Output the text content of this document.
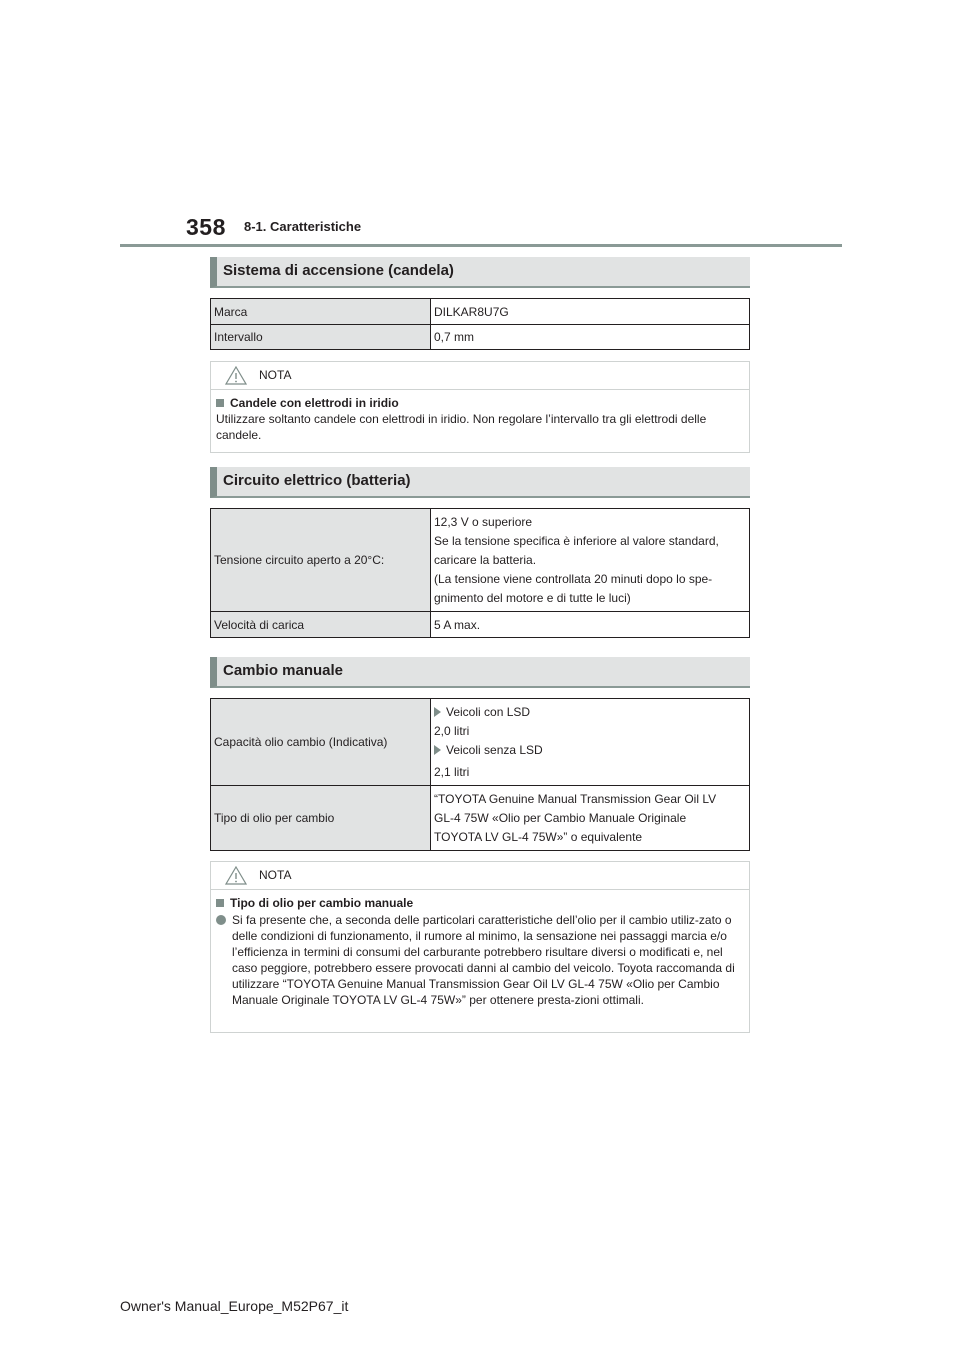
358 8-1. Caratteristiche
Sistema di accensione (candela)
Marca	DILKAR8U7G
Intervallo	0,7 mm
NOTA
Candele con elettrodi in iridio
Utilizzare soltanto candele con elettrodi in iridio. Non regolare l’intervallo tra gli elettrodi delle candele.
Circuito elettrico (batteria)
Tensione circuito aperto a 20°C:	12,3 V o superiore
Se la tensione specifica è inferiore al valore standard,
caricare la batteria.
(La tensione viene controllata 20 minuti dopo lo spe-
gnimento del motore e di tutte le luci)

Velocità di carica	5 A max.
Cambio manuale
Capacità olio cambio (Indicativa)	Veicoli con LSD
2,0 litri
Veicoli senza LSD
2,1 litri

Tipo di olio per cambio	“TOYOTA Genuine Manual Transmission Gear Oil LV
GL-4 75W «Olio per Cambio Manuale Originale
TOYOTA LV GL-4 75W»” o equivalente
NOTA
Tipo di olio per cambio manuale
Si fa presente che, a seconda delle particolari caratteristiche dell’olio per il cambio utiliz-zato o delle condizioni di funzionamento, il rumore al minimo, la sensazione nei passaggi marcia e/o l’efficienza in termini di consumi del carburante potrebbero risultare diversi o modificati e, nel caso peggiore, potrebbero essere provocati danni al cambio del veicolo. Toyota raccomanda di utilizzare “TOYOTA Genuine Manual Transmission Gear Oil LV GL-4 75W «Olio per Cambio Manuale Originale TOYOTA LV GL-4 75W»” per ottenere presta-zioni ottimali.
Owner's Manual_Europe_M52P67_it
